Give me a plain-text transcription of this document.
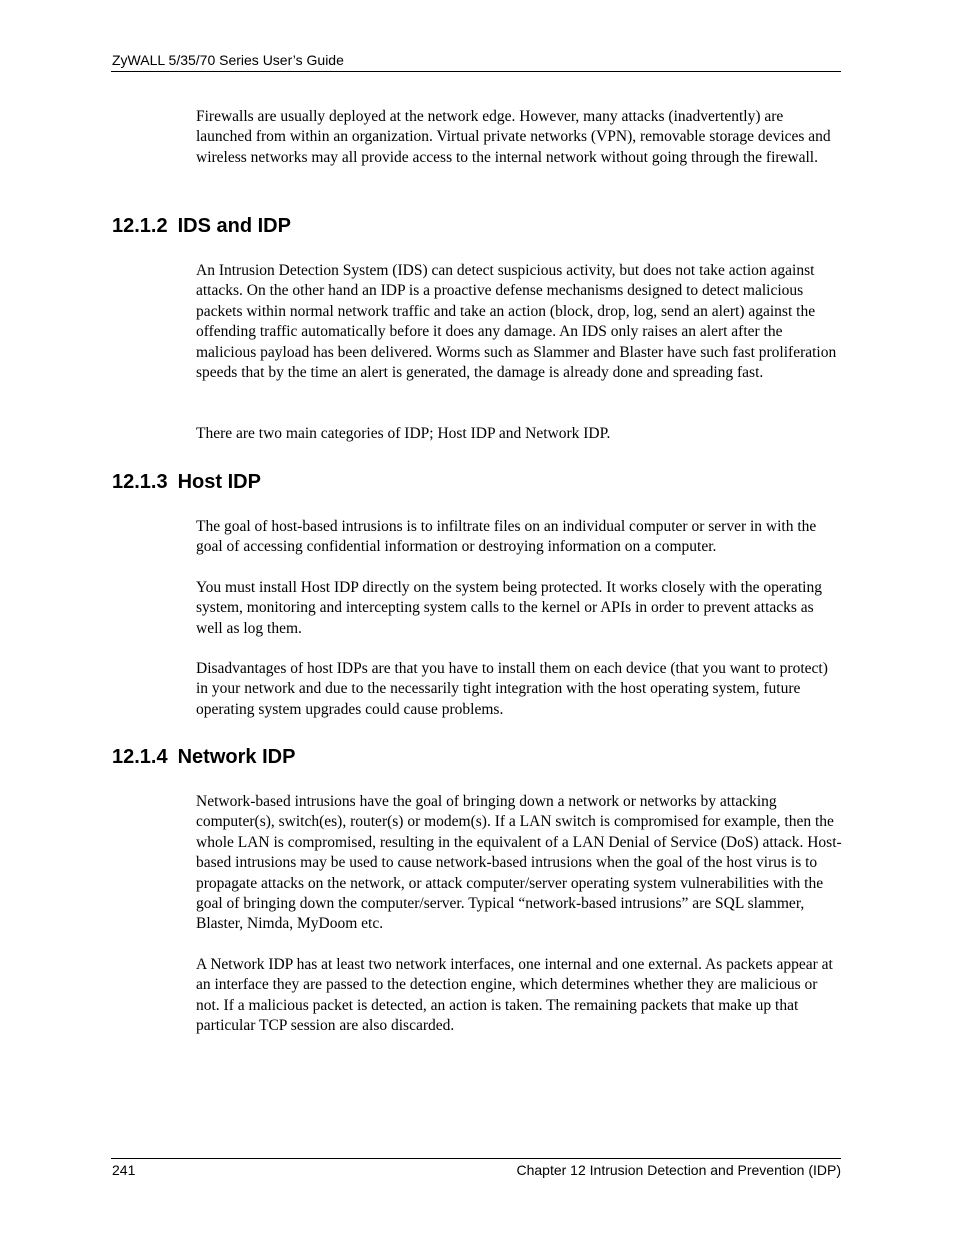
ZyWALL 5/35/70 Series User’s Guide

Firewalls are usually deployed at the network edge. However, many attacks (inadvertently) are launched from within an organization. Virtual private networks (VPN), removable storage devices and wireless networks may all provide access to the internal network without going through the firewall.

12.1.2 IDS and IDP

An Intrusion Detection System (IDS) can detect suspicious activity, but does not take action against attacks. On the other hand an IDP is a proactive defense mechanisms designed to detect malicious packets within normal network traffic and take an action (block, drop, log, send an alert) against the offending traffic automatically before it does any damage. An IDS only raises an alert after the malicious payload has been delivered. Worms such as Slammer and Blaster have such fast proliferation speeds that by the time an alert is generated, the damage is already done and spreading fast.

There are two main categories of IDP; Host IDP and Network IDP.

12.1.3 Host IDP

The goal of host-based intrusions is to infiltrate files on an individual computer or server in with the goal of accessing confidential information or destroying information on a computer.

You must install Host IDP directly on the system being protected. It works closely with the operating system, monitoring and intercepting system calls to the kernel or APIs in order to prevent attacks as well as log them.

Disadvantages of host IDPs are that you have to install them on each device (that you want to protect) in your network and due to the necessarily tight integration with the host operating system, future operating system upgrades could cause problems.

12.1.4 Network IDP

Network-based intrusions have the goal of bringing down a network or networks by attacking computer(s), switch(es), router(s) or modem(s). If a LAN switch is compromised for example, then the whole LAN is compromised, resulting in the equivalent of a LAN Denial of Service (DoS) attack. Host-based intrusions may be used to cause network-based intrusions when the goal of the host virus is to propagate attacks on the network, or attack computer/server operating system vulnerabilities with the goal of bringing down the computer/server. Typical “network-based intrusions” are SQL slammer, Blaster, Nimda, MyDoom etc.

A Network IDP has at least two network interfaces, one internal and one external. As packets appear at an interface they are passed to the detection engine, which determines whether they are malicious or not. If a malicious packet is detected, an action is taken. The remaining packets that make up that particular TCP session are also discarded.

241	Chapter 12 Intrusion Detection and Prevention (IDP)
